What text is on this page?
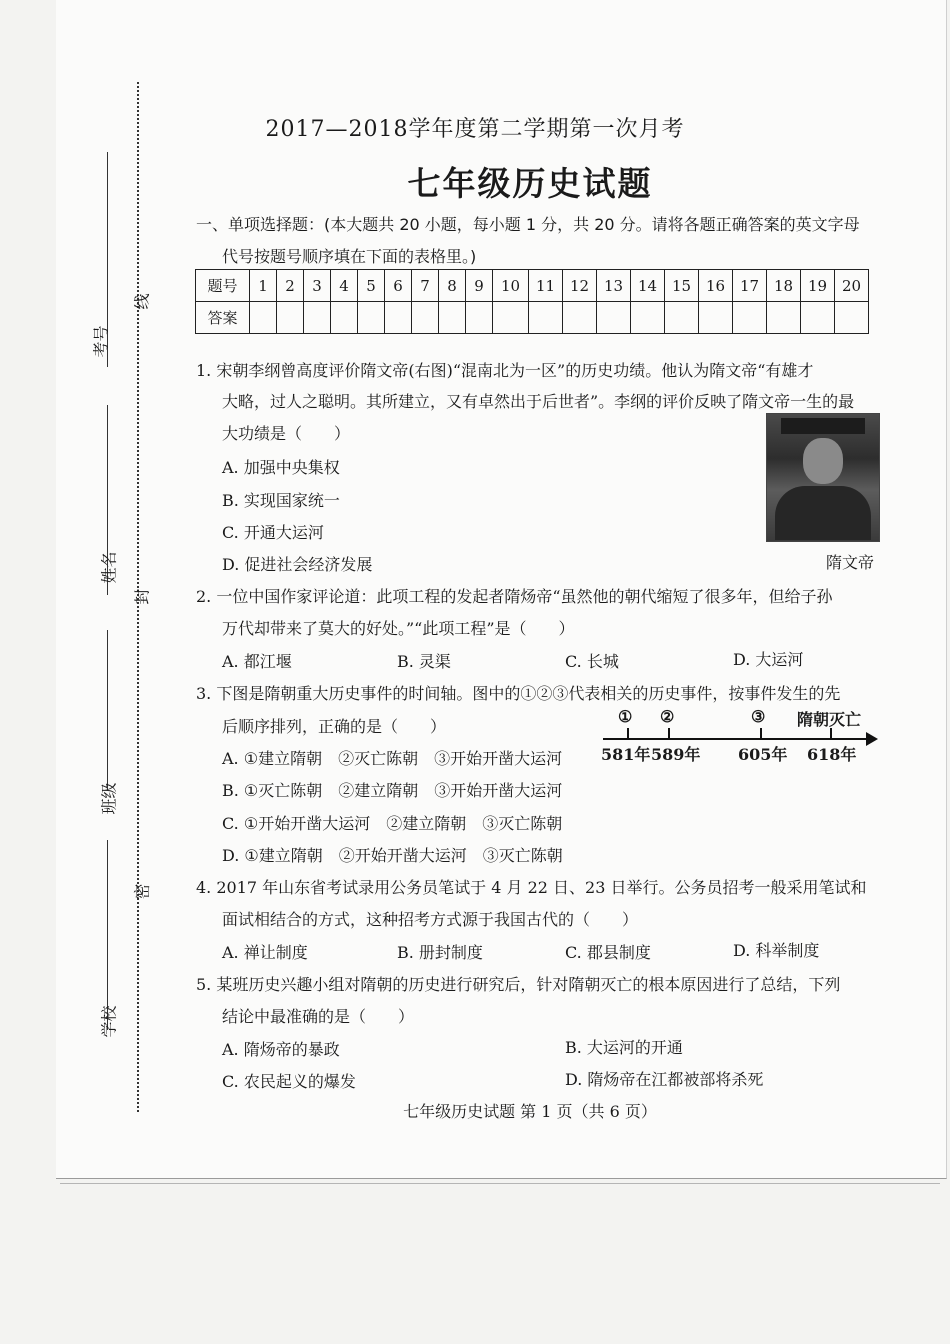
考号
姓名
班级
学校
线
封
密
2017—2018学年度第二学期第一次月考
七年级历史试题
一、单项选择题：(本大题共 20 小题，每小题 1 分，共 20 分。请将各题正确答案的英文字母
代号按题号顺序填在下面的表格里。)
题号	1	2	3	4	5	6	7	8	9	10	11	12	13	14	15	16	17	18	19	20
答案																				
1. 宋朝李纲曾高度评价隋文帝(右图)“混南北为一区”的历史功绩。他认为隋文帝“有雄才
大略，过人之聪明。其所建立，又有卓然出于后世者”。李纲的评价反映了隋文帝一生的最
大功绩是（　　）
A. 加强中央集权
B. 实现国家统一
C. 开通大运河
D. 促进社会经济发展	隋文帝
2. 一位中国作家评论道：此项工程的发起者隋炀帝“虽然他的朝代缩短了很多年，但给子孙
万代却带来了莫大的好处。”“此项工程”是（　　）
A. 都江堰	B. 灵渠	C. 长城	D. 大运河
3. 下图是隋朝重大历史事件的时间轴。图中的①②③代表相关的历史事件，按事件发生的先
后顺序排列，正确的是（　　）
A. ①建立隋朝　②灭亡陈朝　③开始开凿大运河
B. ①灭亡陈朝　②建立隋朝　③开始开凿大运河
C. ①开始开凿大运河　②建立隋朝　③灭亡陈朝
D. ①建立隋朝　②开始开凿大运河　③灭亡陈朝
① ②	③ 隋朝灭亡
581年 589年 605年 618年
4. 2017 年山东省考试录用公务员笔试于 4 月 22 日、23 日举行。公务员招考一般采用笔试和
面试相结合的方式，这种招考方式源于我国古代的（　　）
A. 禅让制度	B. 册封制度	C. 郡县制度	D. 科举制度
5. 某班历史兴趣小组对隋朝的历史进行研究后，针对隋朝灭亡的根本原因进行了总结，下列
结论中最准确的是（　　）
A. 隋炀帝的暴政	B. 大运河的开通
C. 农民起义的爆发	D. 隋炀帝在江都被部将杀死
七年级历史试题 第 1 页（共 6 页）
